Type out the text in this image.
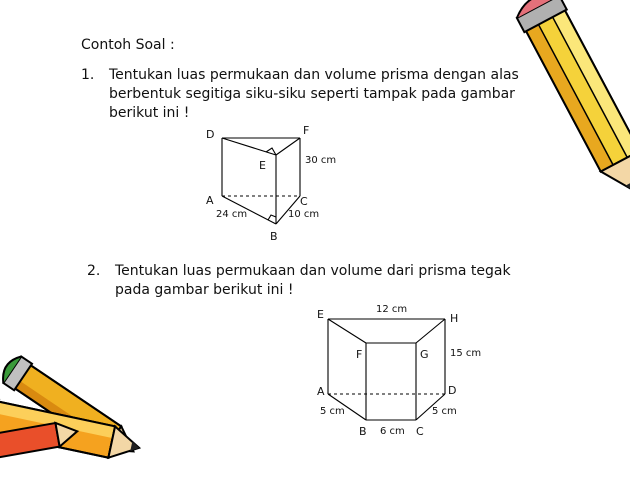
Contoh Soal :
1. Tentukan luas permukaan dan volume prisma dengan alas
berbentuk segitiga siku-siku seperti tampak pada gambar
berikut ini !
2. Tentukan luas permukaan dan volume dari prisma tegak
pada gambar berikut ini !
D	F
E	30 cm
A	C
24 cm	10 cm
B
12 cm
E	H
F	G 15 cm
A	D
5 cm	5 cm
B 6 cm C
